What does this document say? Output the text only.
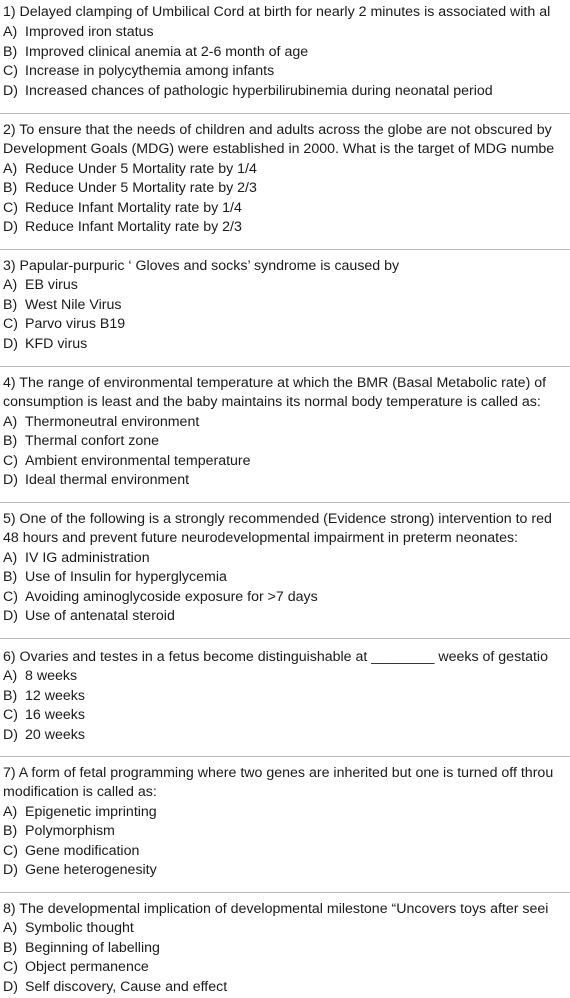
1) Delayed clamping of Umbilical Cord at birth for nearly 2 minutes is associated with al
A) Improved iron status
B) Improved clinical anemia at 2-6 month of age
C) Increase in polycythemia among infants
D) Increased chances of pathologic hyperbilirubinemia during neonatal period
2) To ensure that the needs of children and adults across the globe are not obscured by
Development Goals (MDG) were established in 2000. What is the target of MDG numbe
A) Reduce Under 5 Mortality rate by 1/4
B) Reduce Under 5 Mortality rate by 2/3
C) Reduce Infant Mortality rate by 1/4
D) Reduce Infant Mortality rate by 2/3
3) Papular-purpuric ‘ Gloves and socks’ syndrome is caused by
A) EB virus
B) West Nile Virus
C) Parvo virus B19
D) KFD virus
4) The range of environmental temperature at which the BMR (Basal Metabolic rate) of
consumption is least and the baby maintains its normal body temperature is called as:
A) Thermoneutral environment
B) Thermal confort zone
C) Ambient environmental temperature
D) Ideal thermal environment
5) One of the following is a strongly recommended (Evidence strong) intervention to red
48 hours and prevent future neurodevelopmental impairment in preterm neonates:
A) IV IG administration
B) Use of Insulin for hyperglycemia
C) Avoiding aminoglycoside exposure for >7 days
D) Use of antenatal steroid
6) Ovaries and testes in a fetus become distinguishable at ________ weeks of gestatio
A) 8 weeks
B) 12 weeks
C) 16 weeks
D) 20 weeks
7) A form of fetal programming where two genes are inherited but one is turned off throu
modification is called as:
A) Epigenetic imprinting
B) Polymorphism
C) Gene modification
D) Gene heterogenesity
8) The developmental implication of developmental milestone “Uncovers toys after seei
A) Symbolic thought
B) Beginning of labelling
C) Object permanence
D) Self discovery, Cause and effect
